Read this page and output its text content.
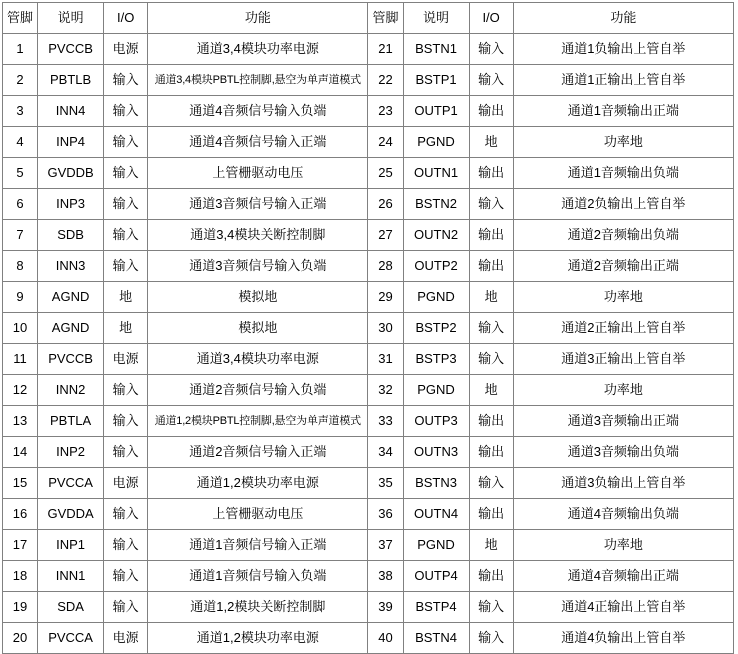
管脚	说明	I/O	功能	管脚	说明	I/O	功能
1	PVCCB	电源	通道3,4模块功率电源	21	BSTN1	输入	通道1负输出上管自举
2	PBTLB	输入	通道3,4模块PBTL控制脚,悬空为单声道模式	22	BSTP1	输入	通道1正输出上管自举
3	INN4	输入	通道4音频信号输入负端	23	OUTP1	输出	通道1音频输出正端
4	INP4	输入	通道4音频信号输入正端	24	PGND	地	功率地
5	GVDDB	输入	上管栅驱动电压	25	OUTN1	输出	通道1音频输出负端
6	INP3	输入	通道3音频信号输入正端	26	BSTN2	输入	通道2负输出上管自举
7	SDB	输入	通道3,4模块关断控制脚	27	OUTN2	输出	通道2音频输出负端
8	INN3	输入	通道3音频信号输入负端	28	OUTP2	输出	通道2音频输出正端
9	AGND	地	模拟地	29	PGND	地	功率地
10	AGND	地	模拟地	30	BSTP2	输入	通道2正输出上管自举
11	PVCCB	电源	通道3,4模块功率电源	31	BSTP3	输入	通道3正输出上管自举
12	INN2	输入	通道2音频信号输入负端	32	PGND	地	功率地
13	PBTLA	输入	通道1,2模块PBTL控制脚,悬空为单声道模式	33	OUTP3	输出	通道3音频输出正端
14	INP2	输入	通道2音频信号输入正端	34	OUTN3	输出	通道3音频输出负端
15	PVCCA	电源	通道1,2模块功率电源	35	BSTN3	输入	通道3负输出上管自举
16	GVDDA	输入	上管栅驱动电压	36	OUTN4	输出	通道4音频输出负端
17	INP1	输入	通道1音频信号输入正端	37	PGND	地	功率地
18	INN1	输入	通道1音频信号输入负端	38	OUTP4	输出	通道4音频输出正端
19	SDA	输入	通道1,2模块关断控制脚	39	BSTP4	输入	通道4正输出上管自举
20	PVCCA	电源	通道1,2模块功率电源	40	BSTN4	输入	通道4负输出上管自举
